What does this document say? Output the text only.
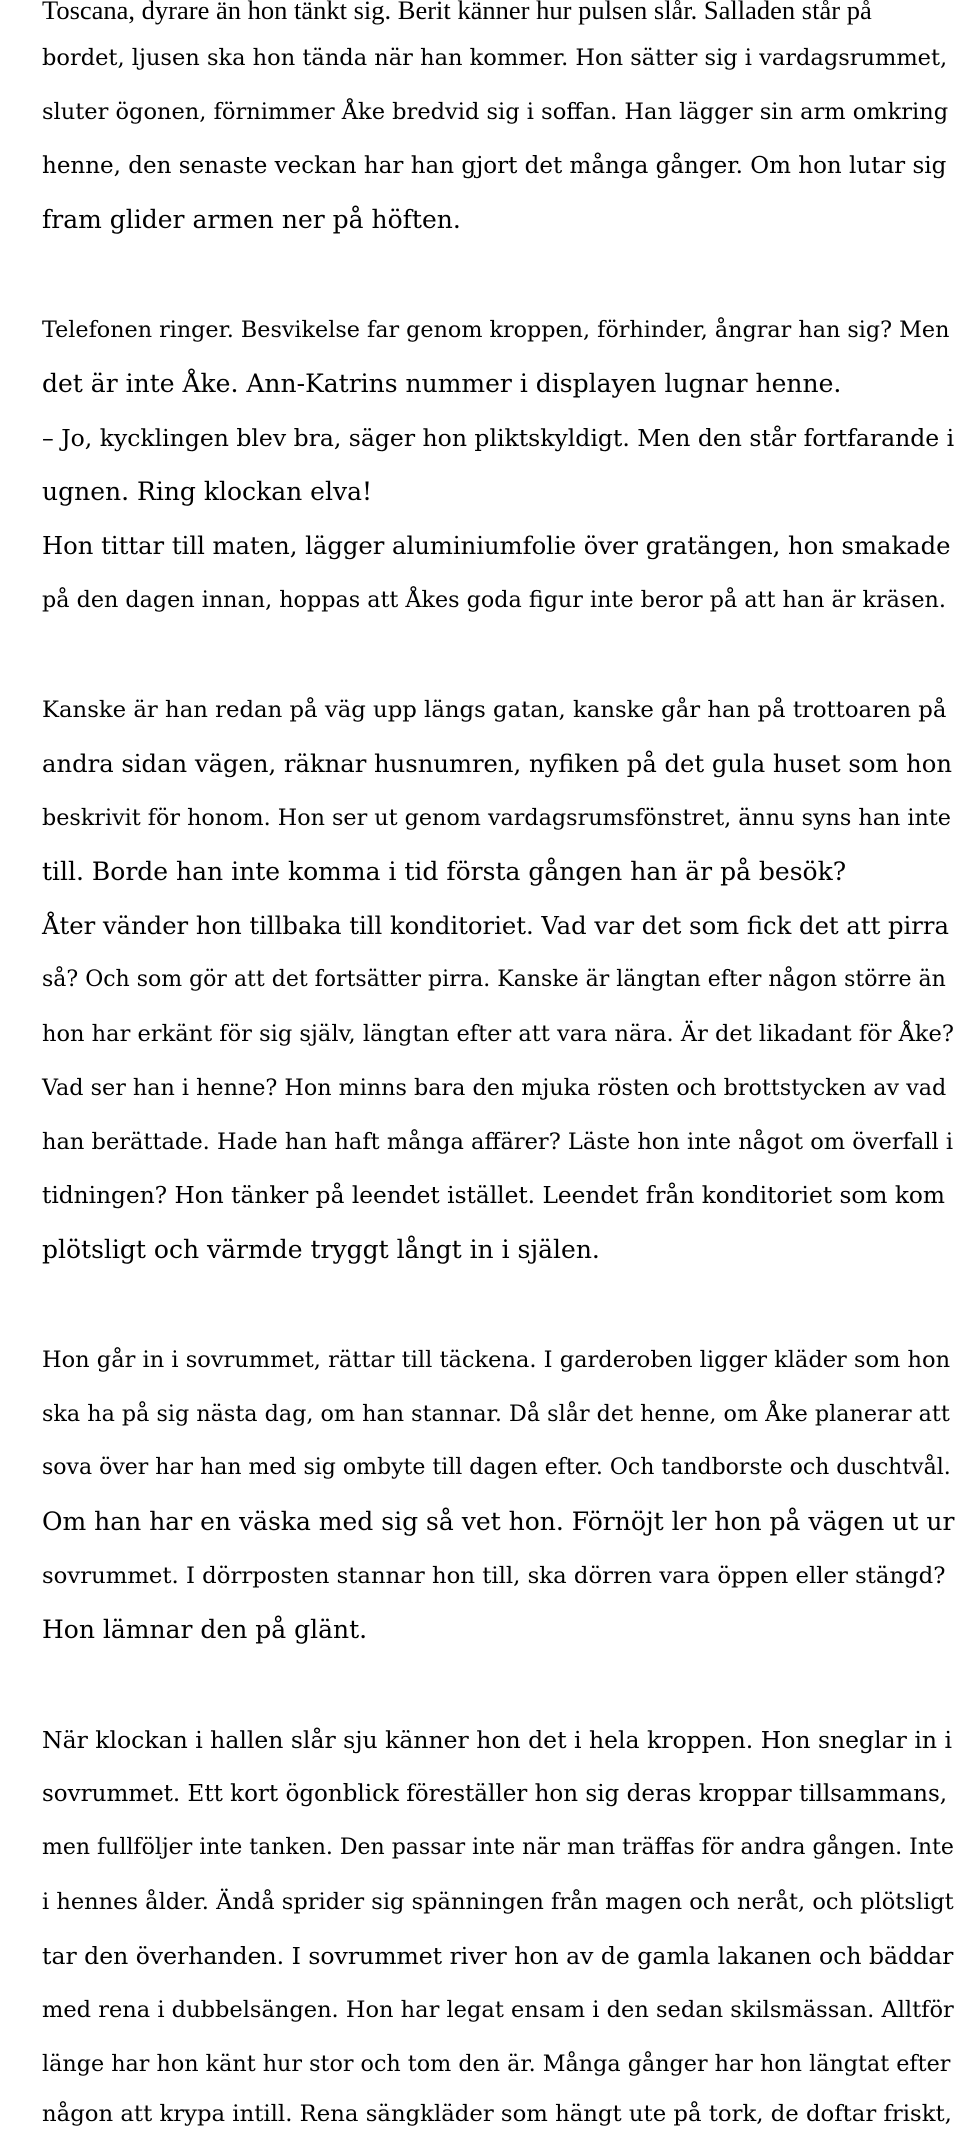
Toscana, dyrare än hon tänkt sig. Berit känner hur pulsen slår. Salladen står på
bordet, ljusen ska hon tända när han kommer. Hon sätter sig i vardagsrummet,
sluter ögonen, förnimmer Åke bredvid sig i soffan. Han lägger sin arm omkring
henne, den senaste veckan har han gjort det många gånger. Om hon lutar sig
fram glider armen ner på höften.
Telefonen ringer. Besvikelse far genom kroppen, förhinder, ångrar han sig? Men
det är inte Åke. Ann-Katrins nummer i displayen lugnar henne.
– Jo, kycklingen blev bra, säger hon pliktskyldigt. Men den står fortfarande i
ugnen. Ring klockan elva!
Hon tittar till maten, lägger aluminiumfolie över gratängen, hon smakade
på den dagen innan, hoppas att Åkes goda figur inte beror på att han är kräsen.
Kanske är han redan på väg upp längs gatan, kanske går han på trottoaren på
andra sidan vägen, räknar husnumren, nyfiken på det gula huset som hon
beskrivit för honom. Hon ser ut genom vardagsrumsfönstret, ännu syns han inte
till. Borde han inte komma i tid första gången han är på besök?
Åter vänder hon tillbaka till konditoriet. Vad var det som fick det att pirra
så? Och som gör att det fortsätter pirra. Kanske är längtan efter någon större än
hon har erkänt för sig själv, längtan efter att vara nära. Är det likadant för Åke?
Vad ser han i henne? Hon minns bara den mjuka rösten och brottstycken av vad
han berättade. Hade han haft många affärer? Läste hon inte något om överfall i
tidningen? Hon tänker på leendet istället. Leendet från konditoriet som kom
plötsligt och värmde tryggt långt in i själen.
Hon går in i sovrummet, rättar till täckena. I garderoben ligger kläder som hon
ska ha på sig nästa dag, om han stannar. Då slår det henne, om Åke planerar att
sova över har han med sig ombyte till dagen efter. Och tandborste och duschtvål.
Om han har en väska med sig så vet hon. Förnöjt ler hon på vägen ut ur
sovrummet. I dörrposten stannar hon till, ska dörren vara öppen eller stängd?
Hon lämnar den på glänt.
När klockan i hallen slår sju känner hon det i hela kroppen. Hon sneglar in i
sovrummet. Ett kort ögonblick föreställer hon sig deras kroppar tillsammans,
men fullföljer inte tanken. Den passar inte när man träffas för andra gången. Inte
i hennes ålder. Ändå sprider sig spänningen från magen och neråt, och plötsligt
tar den överhanden. I sovrummet river hon av de gamla lakanen och bäddar
med rena i dubbelsängen. Hon har legat ensam i den sedan skilsmässan. Alltför
länge har hon känt hur stor och tom den är. Många gånger har hon längtat efter
någon att krypa intill. Rena sängkläder som hängt ute på tork, de doftar friskt,
